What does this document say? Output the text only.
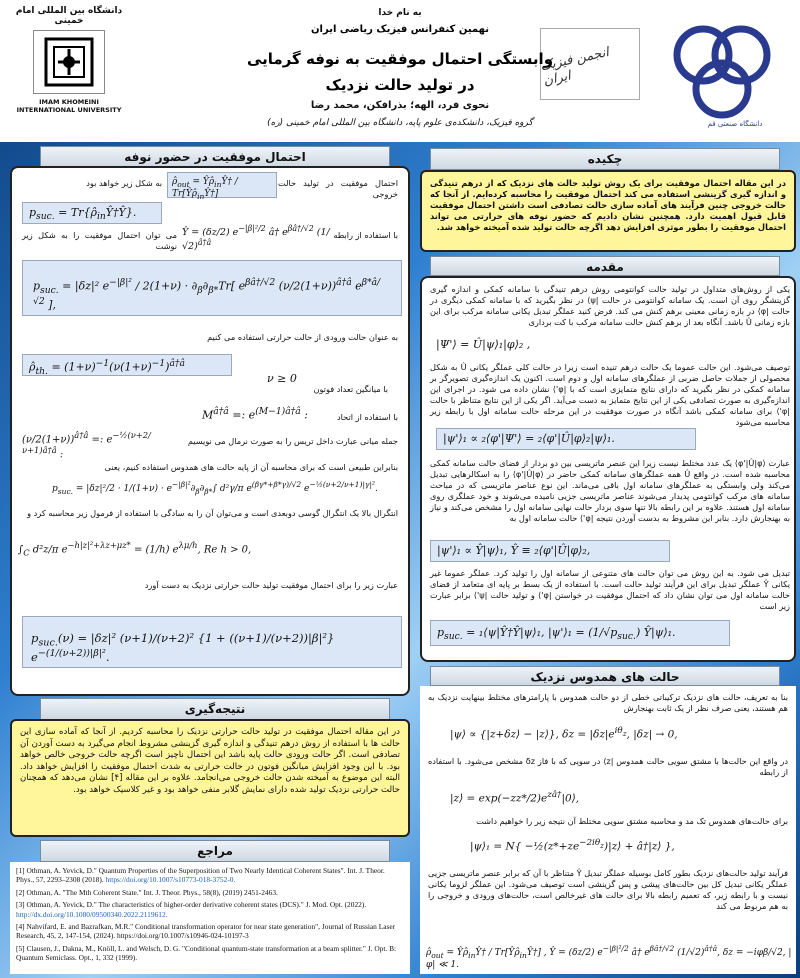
دانشگاه بین المللی امام خمینی
IMAM KHOMEINI INTERNATIONAL UNIVERSITY
دانشگاه صنعتی قم
انجمن فیزیک ایران
به نام خدا
نهمین کنفرانس فیزیک ریاضی ایران
وابستگی احتمال موفقیت به نوفه گرمایی
در تولید حالت نزدیک
نحوی فرد، الهه؛ بذرافکن، محمد رضا
گروه فیزیک، دانشکده‌ی علوم پایه، دانشگاه بین المللی امام خمینی (ره)
احتمال موفقیت در حضور نوفه
احتمال موفقیت در تولید حالت خروجی
$\rhô_{out}$ = $Ŷ\rhô_{in}Ŷ\dagger$ / $Tr[Ŷ\rhô_{in}Ŷ\dagger]$
به شکل زیر خواهد بود
$p_{suc.}$ = $Tr\{\rhô_{in}Ŷ\dagger Ŷ\}$.
با استفاده از رابطه
Ŷ = (δz/2) $e^{-|\beta|^2/2}$ â† $e^{\beta â\dagger/√2}$ $(1/√2)^{â\dagger â}$
می توان احتمال موفقیت را به شکل زیر نوشت
$p_{suc.} = |\delta z|^2$ $e^{-|\beta|^2} / 2(1+\nu) \cdot \partial_\beta\partial_{\beta*}Tr$[ $e^{\beta â\dagger/√2}$ $(\nu/2(1+\nu))^{â\dagger â}$ $e^{\beta*â/√2}$ ],
به عنوان حالت ورودی از حالت حرارتی استفاده می کنیم
$\rhô_{th.} = (1+\nu)^{-1}(\nu(1+\nu)^{-1})^{â\dagger â}$
ν ≥ 0
با میانگین تعداد فوتون
$M^{â\dagger â}$ =: $e^{(M-1)â\dagger â}$ :	با استفاده از اتحاد
$(\nu/2(1+\nu))^{â\dagger â}$ =: $e^{-\frac{1}{2}(\nu+2/\nu+1)â\dagger â}$ :
جمله میانی عبارت داخل تریس را به صورت نرمال می نویسیم
بنابراین طبیعی است که برای محاسبه آن از پایه حالت های همدوس استفاده کنیم، یعنی
$p_{suc.} = |\delta z|^2/2 \cdot 1/(1+\nu) \cdot e^{-|\beta|^2}\partial_\beta\partial_{\beta*}\int$ d²γ/π $e^{(\beta\gamma*+\beta*\gamma)/√2}$ $e^{-\frac{1}{2}(\nu+2/\nu+1)|\gamma|^2}$.
انتگرال بالا یک انتگرال گوسی دوبعدی است و می‌توان آن را به سادگی با استفاده از فرمول زیر محاسبه کرد و
$\int_C$ d²z/π $e^{-h|z|^2+\lambda z+\mu z*} = (1/h)$ $e^{\lambda\mu/h}$, Re h > 0,
عبارت زیر را برای احتمال موفقیت تولید حالت حرارتی نزدیک به دست آورد
$p_{suc.}(\nu) = |\delta z|^2$ (ν+1)/(ν+2)² {1 + ((ν+1)/(ν+2))|β|²} $e^{-(1/(\nu+2))|\beta|^2}$.
نتیجه‌گیری
در این مقاله احتمال موفقیت در تولید حالت حرارتی نزدیک را محاسبه کردیم. از آنجا که آماده سازی این حالت ها با استفاده از روش درهم تنیدگی و اندازه گیری گزینشی مشروط انجام می‌گیرد به دست آوردن آن تصادفی است. اگر حالت ورودی حالت پایه باشد این احتمال ناچیز است اگرچه حالت خروجی خالص خواهد بود. با این وجود افزایش میانگین فوتون در حالت حرارتی به شدت احتمال موفقیت را افزایش خواهد داد. البته این موضوع به آمیخته شدن حالت خروجی می‌انجامد. علاوه بر این مقاله [۴] نشان می‌دهد که همچنان حالت حرارتی نزدیک تولید شده دارای نمایش گلابر منفی خواهد بود و غیر کلاسیک خواهد بود.
مراجع
[1] Othman, A. Yevick, D." Quantum Properties of the Superposition of Two Nearly Identical Coherent States". Int. J. Theor. Phys., 57, 2293–2308 (2018). https://doi.org/10.1007/s10773-018-3752-0.
[2] Othman, A. "The Mth Coherent State." Int. J. Theor. Phys., 58(8), (2019) 2451-2463.
[3] Othman, A. Yevick, D." The characteristics of higher-order derivative coherent states (DCS)." J. Mod. Opt. (2022). http://dx.doi.org/10.1080/09500340.2022.2119612.
[4] Nahvifard, E. and Bazrafkan, M.R." Conditional transformation operator for near state generation", Journal of Russian Laser Research, 45, 2, 147-154, (2024). https://doi.org/10.1007/s10946-024-10197-3
[5] Clausen, J., Dakna, M., Knöll, L. and Welsch, D. G. "Conditional quantum-state transformation at a beam splitter." J. Opt. B: Quantum Semiclass. Opt., 1, 332 (1999).
چکیده
در این مقاله احتمال موفقیت برای یک روش تولید حالت های نزدیک که از درهم تنیدگی و اندازه گیری گزینشی استفاده می کند احتمال موفقیت را محاسبه کرده‌ایم. از آنجا که حالت خروجی چنین فرآیند های آماده سازی حالت تصادفی است داشتن احتمال موفقیت قابل قبول اهمیت دارد. همچنین نشان دادیم که حضور نوفه های حرارتی می تواند احتمال موفقیت را بطور موثری افزایش دهد اگرچه حالت تولید شده آمیخته خواهد شد.
مقدمه
یکی از روش‌های متداول در تولید حالت کوانتومی روش درهم تنیدگی با سامانه کمکی و اندازه گیری گزینشگر روی آن است. یک سامانه کوانتومی در حالت |ψ⟩ در نظر بگیرید که با سامانه کمکی دیگری در حالت |φ⟩ در بازه زمانی معینی برهم کنش می کند. فرض کنید عملگر تبدیل یکانی سامانه مرکب برای این بازه زمانی Û باشد. آنگاه بعد از برهم کنش حالت سامانه مرکب با کت برداری
|Ψ'⟩ = Û|ψ⟩₁|φ⟩₂ ,
توصیف می‌شود. این حالت عموما یک حالت درهم تنیده است زیرا در حالت کلی عملگر یکانی Û به شکل محصولی از جملات حاصل ضربی از عملگرهای سامانه اول و دوم است. اکنون یک اندازه‌گیری تصویرگر بر سامانه کمکی در نظر بگیرید که دارای نتایج متمایزی است که با |φ'⟩ نشان داده می شود. در اجرای این اندازه‌گیری به صورت تصادفی یکی از این نتایج متمایز به دست می‌آید. اگر یکی از این نتایج متناظر با حالت |φ'⟩ برای سامانه کمکی باشد آنگاه در صورت موفقیت در این مرحله حالت سامانه اول با رابطه زیر محاسبه می‌شود
|ψ'⟩₁ ∝ ₂⟨φ'|Ψ'⟩ = ₂⟨φ'|Û|φ⟩₂|ψ⟩₁.
عبارت ⟨φ'|Û|φ⟩ یک عدد مختلط نیست زیرا این عنصر ماتریسی بین دو بردار از فضای حالت سامانه کمکی محاسبه شده است. در واقع Û همه عملگرهای سامانه کمکی حاضر در ⟨φ'|Û|φ⟩ را به اسکالرهایی تبدیل می‌کند ولی وابستگی به عملگرهای سامانه اول باقی می‌ماند. این نوع عناصر ماتریسی که در مباحث سامانه های مرکب کوانتومی پدیدار می‌شوند عناصر ماتریسی جزیی نامیده می‌شوند و خود عملگری روی سامانه اول هستند. علاوه بر این رابطه بالا تنها سوی بردار حالت نهایی سامانه اول را مشخص می‌کند و نیاز به بهنجارش دارد. بنابر این مشروط به بدست آوردن نتیجه |φ'⟩ حالت سامانه اول به
|ψ'⟩₁ ∝ Ŷ|ψ⟩₁, Ŷ ≡ ₂⟨φ'|Û|φ⟩₂,
تبدیل می شود. به این روش می توان حالت های متنوعی از سامانه اول را تولید کرد. عملگر عموما غیر یکانی Ŷ عملگر تبدیل برای این فرآیند تولید حالت است. با استفاده از یک بسط بر پایه ای متعامد از فضای حالت سامانه اول می توان نشان داد که احتمال موفقیت در خواستن |φ'⟩ و تولید حالت |ψ'⟩ برابر عبارت زیر است
$p_{suc.}$ = ₁⟨ψ|Ŷ†Ŷ|ψ⟩₁, |ψ'⟩₁ = $(1/√p_{suc.})$ Ŷ|ψ⟩₁.
حالت های همدوس نزدیک
بنا به تعریف، حالت های نزدیک ترکیباتی خطی از دو حالت همدوس با پارامترهای مختلط بینهایت نزدیک به هم هستند، یعنی صرف نظر از یک ثابت بهنجارش
|ψ⟩ ∝ {|z+δz⟩ − |z⟩}, $\delta z = |\delta z|e^{i\theta_z}$, |δz| → 0,
در واقع این حالت‌ها با مشتق سویی حالت همدوس |z⟩ در سویی که با فاز δz مشخص می‌شود. با استفاده از رابطه
|z⟩ = $\exp(-zz*/2)e^{zâ\dagger}|0⟩$,
برای حالت‌های همدوس تک مد و محاسبه مشتق سویی مختلط آن نتیجه زیر را خواهیم داشت
|ψ⟩₁ = $N\{ -\frac{1}{2}(z*+ze^{-2i\theta_z})|z⟩$ + â†|z⟩ },
فرآیند تولید حالت‌های نزدیک بطور کامل بوسیله عملگر تبدیل Ŷ متناظر با آن که برابر عنصر ماتریسی جزیی عملگر یکانی تبدیل کل بین حالت‌های پیشی و پس گزینشی است توصیف می‌شود. این عملگر لزوما یکانی نیست و با رابطه زیر، که تعمیم رابطه بالا برای حالت های غیرخالص است، حالت‌های ورودی و خروجی را به هم مربوط می کند
$\rhô_{out}$ = $Ŷ\rhô_{in}Ŷ\dagger$ / $Tr[Ŷ\rhô_{in}Ŷ\dagger]$ , Ŷ = (δz/2) $e^{-|\beta|^2/2}$ â† $e^{\beta â\dagger/√2}$ $(1/√2)^{â\dagger â}$, δz = −iφβ/√2, |φ| ≪ 1.
